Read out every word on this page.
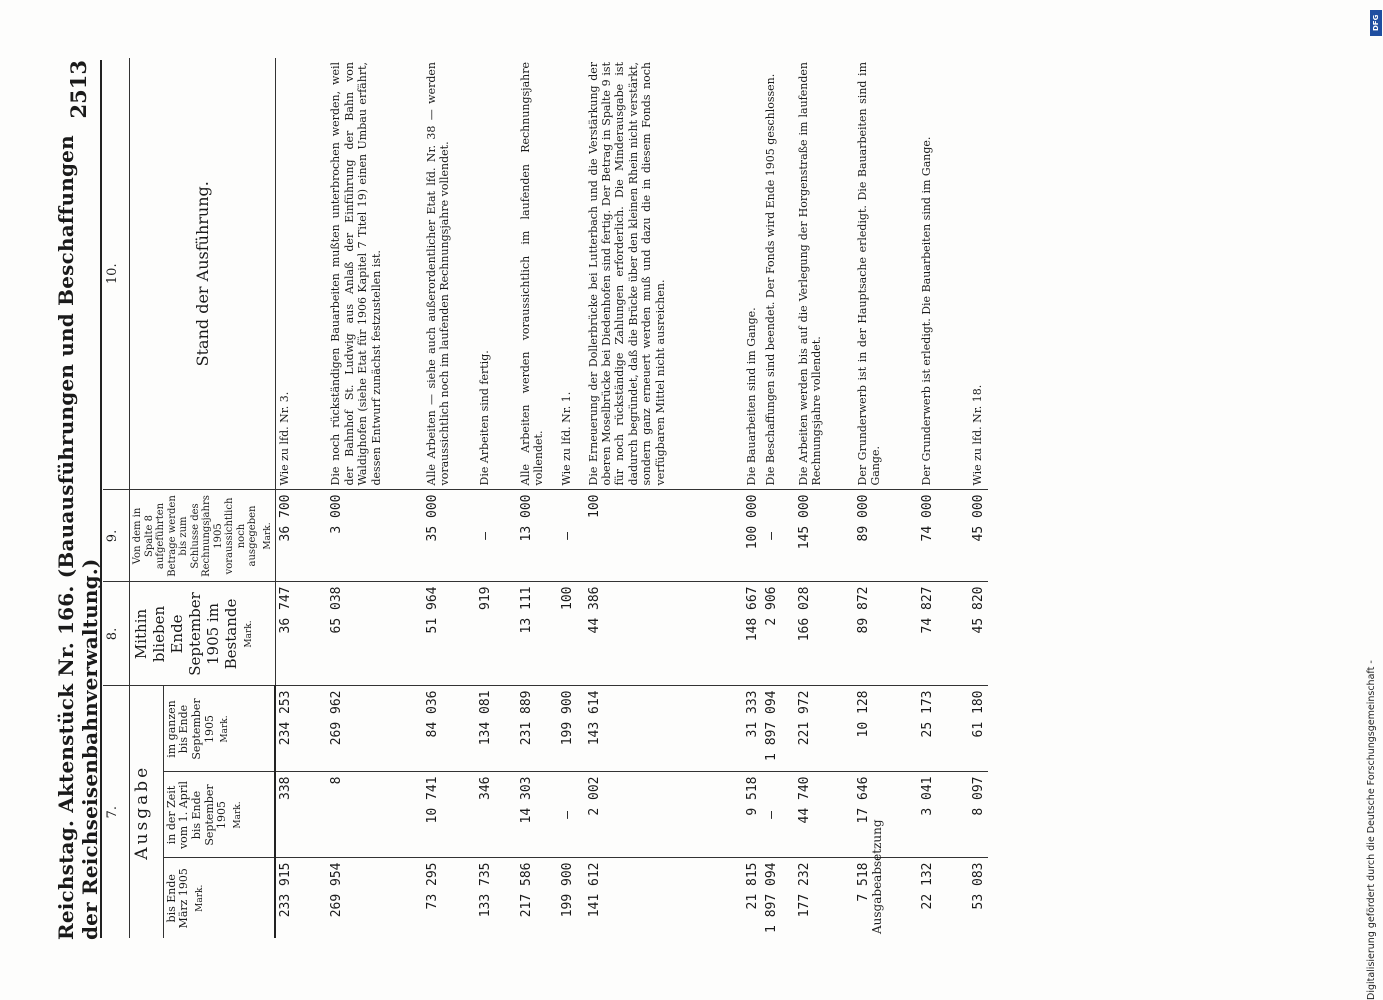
Reichstag. Aktenstück Nr. 166. (Bauausführungen und Beschaffungen der Reichseisenbahnverwaltung.)
2513
7.			8.	9.	10.
Ausgabe			Mithin blieben Ende September 1905 im Bestande Mark.	Von dem in Spalte 8 aufgeführten Betrage werden bis zum Schlusse des Rechnungsjahrs 1905 voraussichtlich noch ausgegeben Mark.	Stand der Ausführung.
bis Ende März 1905 Mark.	in der Zeit vom 1. April bis Ende September 1905 Mark.	im ganzen bis Ende September 1905 Mark.			

233 915	338	234 253	36 747	36 700	Wie zu lfd. Nr. 3.

269 954	8	269 962	65 038	3 000	Die noch rückständigen Bauarbeiten mußten unterbrochen werden, weil der Bahnhof St. Ludwig aus Anlaß der Einführung der Bahn von Waldighofen (siehe Etat für 1906 Kapitel 7 Titel 19) einen Umbau erfährt, dessen Entwurf zunächst festzustellen ist.

73 295	10 741	84 036	51 964	35 000	Alle Arbeiten — siehe auch außerordentlicher Etat lfd. Nr. 38 — werden voraussichtlich noch im laufenden Rechnungsjahre vollendet.

133 735	346	134 081	919	—	Die Arbeiten sind fertig.

217 586	14 303	231 889	13 111	13 000	Alle Arbeiten werden voraussichtlich im laufenden Rechnungsjahre vollendet.

199 900	—	199 900	100	—	Wie zu lfd. Nr. 1.

141 612	2 002	143 614	44 386	100	Die Erneuerung der Dollerbrücke bei Lutterbach und die Verstärkung der oberen Moselbrücke bei Diedenhofen sind fertig. Der Betrag in Spalte 9 ist für noch rückständige Zahlungen erforderlich. Die Minderausgabe ist dadurch begründet, daß die Brücke über den kleinen Rhein nicht verstärkt, sondern ganz erneuert werden muß und dazu die in diesem Fonds noch verfügbaren Mittel nicht ausreichen.

21 815	9 518	31 333	148 667	100 000	Die Bauarbeiten sind im Gange.
1 897 094	—	1 897 094	2 906	—	Die Beschaffungen sind beendet. Der Fonds wird Ende 1905 geschlossen.

177 232	44 740	221 972	166 028	145 000	Die Arbeiten werden bis auf die Verlegung der Horgenstraße im laufenden Rechnungsjahre vollendet.

7 518 Ausgabeabsetzung	17 646	10 128	89 872	89 000	Der Grunderwerb ist in der Hauptsache erledigt. Die Bauarbeiten sind im Gange.

22 132	3 041	25 173	74 827	74 000	Der Grunderwerb ist erledigt. Die Bauarbeiten sind im Gange.

53 083	8 097	61 180	45 820	45 000	Wie zu lfd. Nr. 18.
DFG
Digitalisierung gefördert durch die Deutsche Forschungsgemeinschaft -
